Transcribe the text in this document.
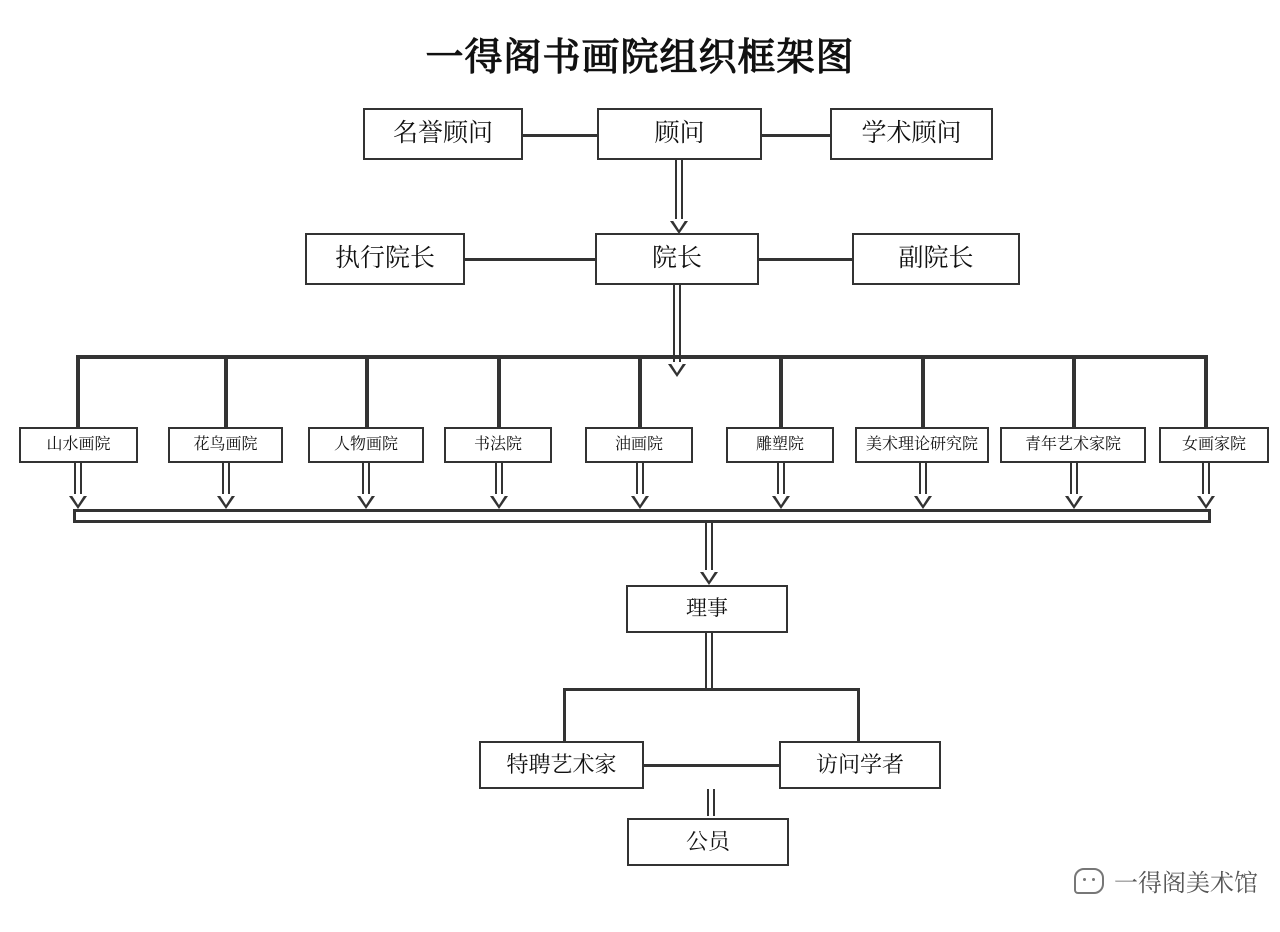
一得阁书画院组织框架图
名誉顾问	顾问	学术顾问
执行院长	院长	副院长
山水画院	花鸟画院	人物画院	书法院	油画院	雕塑院	美术理论研究院	青年艺术家院	女画家院
理事
特聘艺术家	访问学者
公员
一得阁美术馆
